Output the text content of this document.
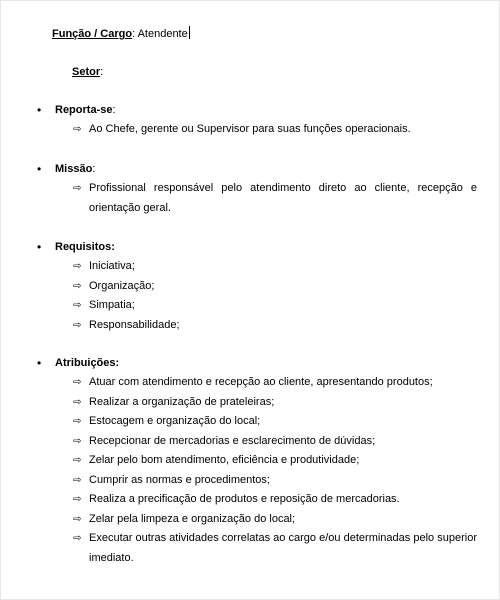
Função / Cargo: Atendente
Setor:
• Reporta-se:
⇨ Ao Chefe, gerente ou Supervisor para suas funções operacionais.
• Missão:
⇨ Profissional responsável pelo atendimento direto ao cliente, recepção e orientação geral.
• Requisitos:
⇨ Iniciativa;
⇨ Organização;
⇨ Simpatia;
⇨ Responsabilidade;
• Atribuições:
⇨ Atuar com atendimento e recepção ao cliente, apresentando produtos;
⇨ Realizar a organização de prateleiras;
⇨ Estocagem e organização do local;
⇨ Recepcionar de mercadorias e esclarecimento de dúvidas;
⇨ Zelar pelo bom atendimento, eficiência e produtividade;
⇨ Cumprir as normas e procedimentos;
⇨ Realiza a precificação de produtos e reposição de mercadorias.
⇨ Zelar pela limpeza e organização do local;
⇨ Executar outras atividades correlatas ao cargo e/ou determinadas pelo superior imediato.
